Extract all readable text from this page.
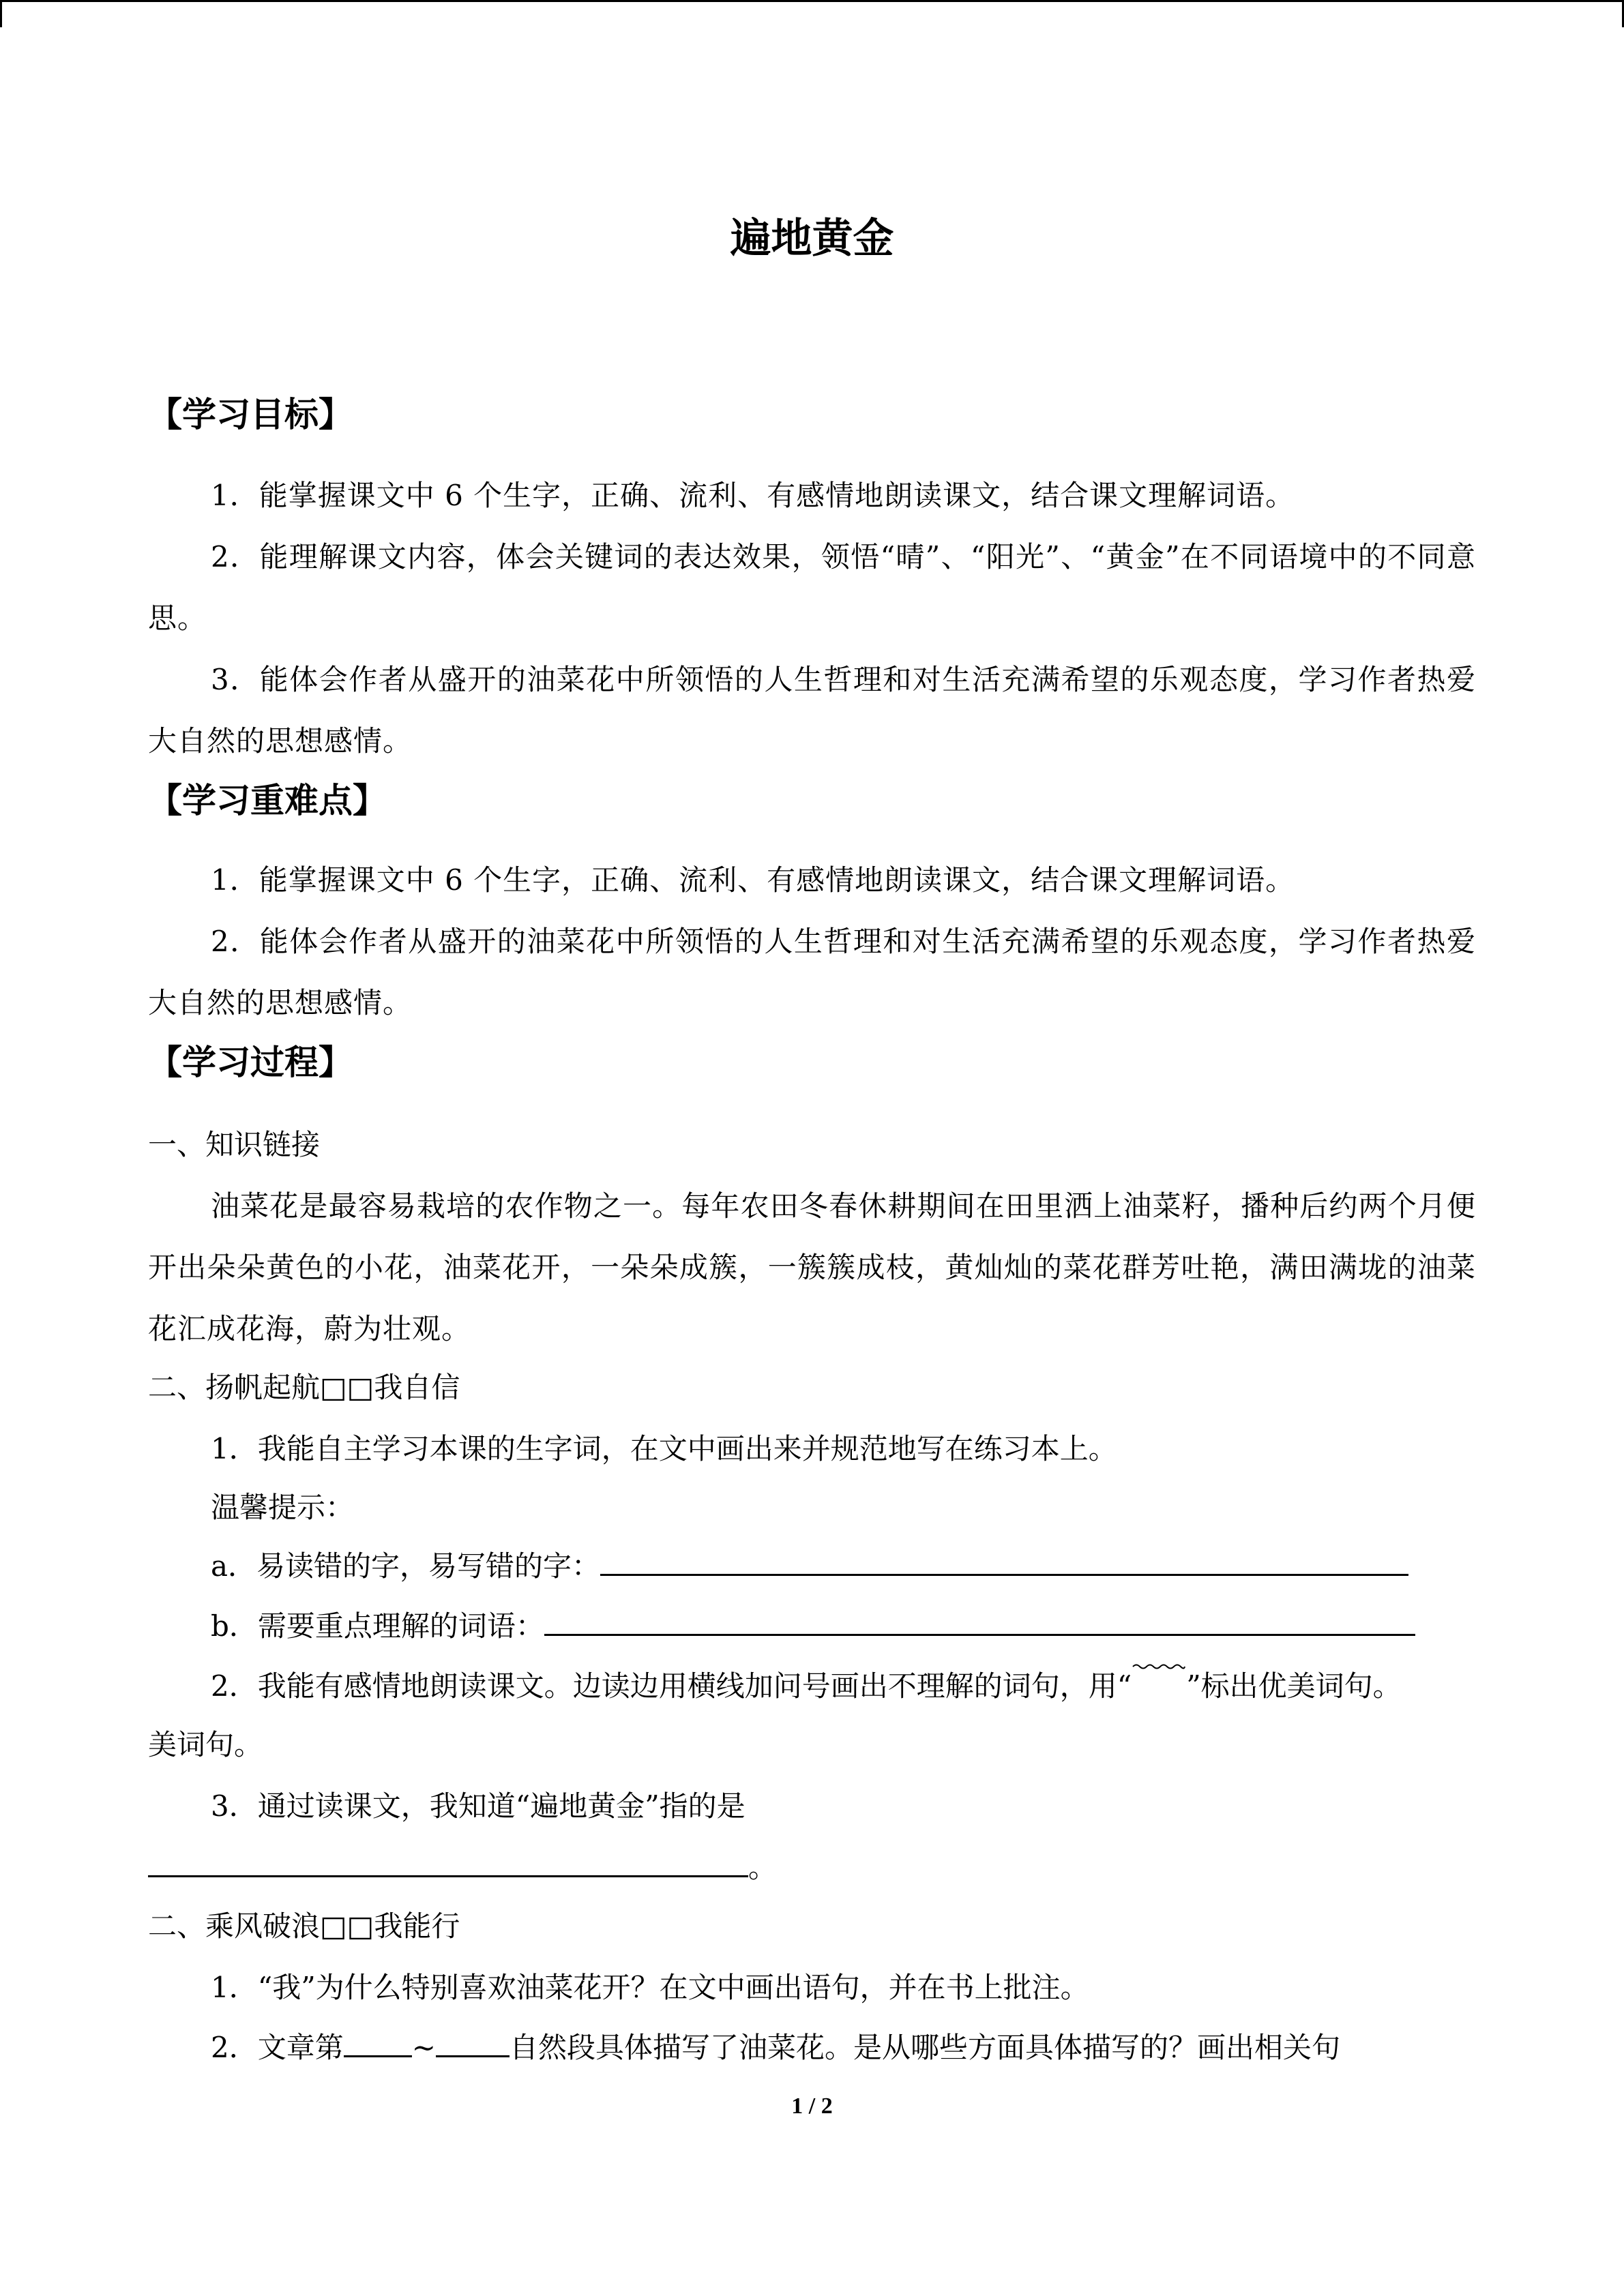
遍地黄金
【学习目标】
1．能掌握课文中 6 个生字，正确、流利、有感情地朗读课文，结合课文理解词语。
2．能理解课文内容，体会关键词的表达效果，领悟“晴”、“阳光”、“黄金”在不同语境中的不同意思。
3．能体会作者从盛开的油菜花中所领悟的人生哲理和对生活充满希望的乐观态度，学习作者热爱大自然的思想感情。
【学习重难点】
1．能掌握课文中 6 个生字，正确、流利、有感情地朗读课文，结合课文理解词语。
2．能体会作者从盛开的油菜花中所领悟的人生哲理和对生活充满希望的乐观态度，学习作者热爱大自然的思想感情。
【学习过程】
一、知识链接
油菜花是最容易栽培的农作物之一。每年农田冬春休耕期间在田里洒上油菜籽，播种后约两个月便开出朵朵黄色的小花，油菜花开，一朵朵成簇，一簇簇成枝，黄灿灿的菜花群芳吐艳，满田满垅的油菜花汇成花海，蔚为壮观。
二、扬帆起航□□我自信
1．我能自主学习本课的生字词，在文中画出来并规范地写在练习本上。
温馨提示：
a．易读错的字，易写错的字：
b．需要重点理解的词语：
2．我能有感情地朗读课文。边读边用横线加问号画出不理解的词句，用“ ”标出优美词句。
美词句。
3．通过读课文，我知道“遍地黄金”指的是
。
二、乘风破浪□□我能行
1．“我”为什么特别喜欢油菜花开？在文中画出语句，并在书上批注。
2．文章第 ~	自然段具体描写了油菜花。是从哪些方面具体描写的？画出相关句
1 / 2
